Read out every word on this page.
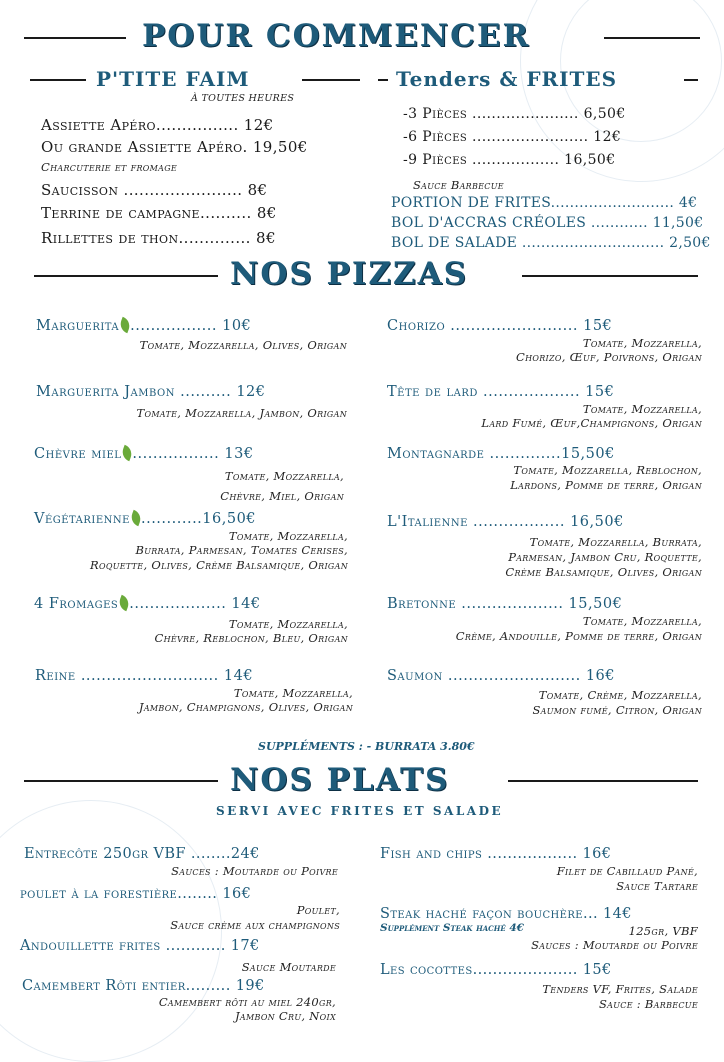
POUR COMMENCER
P'TITE FAIM
À TOUTES HEURES
Tenders & FRITES
Assiette Apéro................ 12€
Ou grande Assiette Apéro. 19,50€
Charcuterie et fromage
Saucisson ....................... 8€
Terrine de campagne.......... 8€
Rillettes de thon.............. 8€
-3 Pièces ...................... 6,50€
-6 Pièces ........................ 12€
-9 Pièces .................. 16,50€
Sauce Barbecue
PORTION DE FRITES.......................... 4€
BOL D'ACCRAS CRÉOLES ............ 11,50€
BOL DE SALADE .............................. 2,50€
NOS PIZZAS
Marguerita ................. 10€
Tomate, Mozzarella, Olives, Origan
Marguerita Jambon .......... 12€
Tomate, Mozzarella, Jambon, Origan
Chèvre miel ................. 13€
Tomate, Mozzarella,
Chèvre, Miel, Origan
Végétarienne ............16,50€
Tomate, Mozzarella,
Burrata, Parmesan, Tomates Cerises,
Roquette, Olives, Crème Balsamique, Origan
4 Fromages ................... 14€
Tomate, Mozzarella,
Chèvre, Reblochon, Bleu, Origan
Reine ........................... 14€
Tomate, Mozzarella,
Jambon, Champignons, Olives, Origan
Chorizo ......................... 15€
Tomate, Mozzarella,
Chorizo, Œuf, Poivrons, Origan
Tête de lard ................... 15€
Tomate, Mozzarella,
Lard Fumé, Œuf,Champignons, Origan
Montagnarde ..............15,50€
Tomate, Mozzarella, Reblochon,
Lardons, Pomme de terre, Origan
L'Italienne .................. 16,50€
Tomate, Mozzarella, Burrata,
Parmesan, Jambon Cru, Roquette,
Crème Balsamique, Olives, Origan
Bretonne .................... 15,50€
Tomate, Mozzarella,
Crème, Andouille, Pomme de terre, Origan
Saumon .......................... 16€
Tomate, Crème, Mozzarella,
Saumon fumé, Citron, Origan
SUPPLÉMENTS : - BURRATA 3.80€
NOS PLATS
SERVI AVEC FRITES ET SALADE
Entrecôte 250gr VBF ........24€
Sauces : Moutarde ou Poivre
poulet à la forestière........ 16€
Poulet,
Sauce crème aux champignons
Andouillette frites ............ 17€
Sauce Moutarde
Camembert Rôti entier......... 19€
Camembert rôti au miel 240gr,
Jambon Cru, Noix
Fish and chips .................. 16€
Filet de Cabillaud Pané,
Sauce Tartare
Steak haché façon bouchère... 14€
Supplément Steak haché 4€	125gr, VBF
Sauces : Moutarde ou Poivre
Les cocottes..................... 15€
Tenders VF, Frites, Salade
Sauce : Barbecue
